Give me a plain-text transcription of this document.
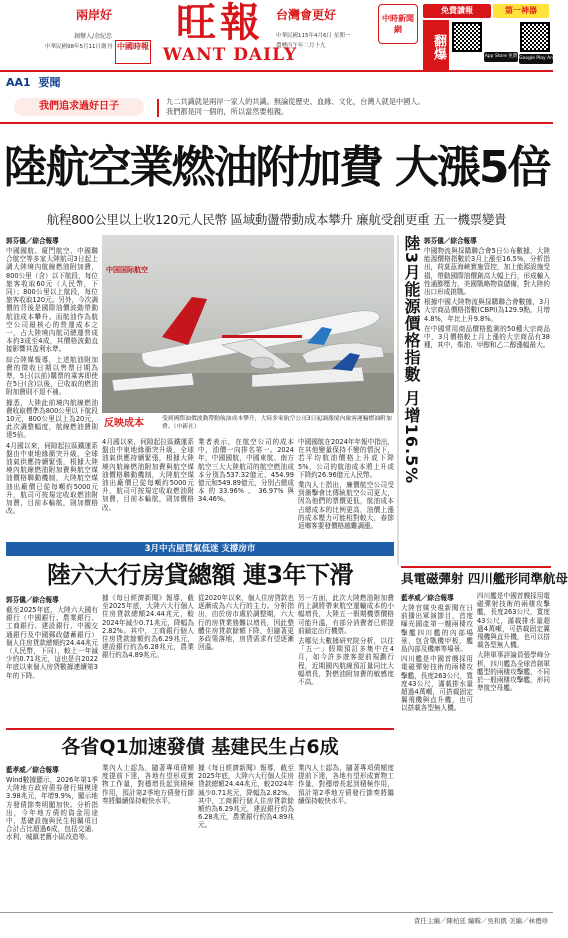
兩岸好
創辦人/余紀忠
中華民國98年5月11日創刊 中國時報
旺報
WANT DAILY
台灣會更好
中華民國115年4月6日 星期一
農曆丙午年二月十九
中時新聞網
免費讀報	第一神器
翻爆	App Store 免費 Google Play Android
AA1 要聞
我們追求過好日子	九二共識就是兩岸一家人的共識。無論從歷史、血緣、文化，台灣人就是中國人。
我們都是同一個的，所以當然要相親。
陸航空業燃油附加費 大漲5倍
航程800公里以上收120元人民幣 區域動盪帶動成本攀升 廉航受創更重 五一機票變貴
郭芬儀／綜合報導

中國國航、廈門航空、中國聯合航空等多家大陸航司3日起上調大陸境內航線燃油附加費，800公里（含）以下航段，每位旅客收取60元（人民幣，下同）；800公里以上航段，每位旅客收取120元。另外，今次調價的背後是國際油價波動帶動航油成本攀升。而航油作為航空公司最核心的營運成本之一，占大陸境內航司總運營成本約3成至4成，其價格波動直接影響其盈利水準。

綜合陸媒報導，上述航油附加費的徵收日期以售票日期為準，5日(以前)購票的乘客即使在5日(含)以後，已收取的燃油附加費則不退不補。

據悉，大陸此前境內航線燃油費收取標準為800公里以下航段10元，800公里以上為20元，此次調整幅度，航線燃油費則達5倍。

4月國以來，伺隙起拉區鐵運系盤由中東地緣衝突升級，全球油氣供應持續緊張，根據大陸境內航線燃油附加費與航空煤油價格聯動機制，大陸航空煤油出廠價已從每噸約5000元升，航司可按規定收取燃油附加費，目前本輪航，則加價格改。

中国国际航空
反映成本	受到國際油價波動帶動航油成本攀升，大陸多家航空公司3日起調漲境內旅客運輸燃油附加費。（中新社）

4月國以來，伺隙起拉區鐵運系盤由中東地緣衝突升級，全球油氣供應持續緊張，根據大陸境內航線燃油附加費與航空煤油價格聯動機制，大陸航空煤油出廠價已從每噸約5000元升，航司可按規定收取燃油附加費，目前本輪航，則加價格改。

業者表示，在航空公司的成本中，油價一向排名第一。2024年，中國國航，中國東航、南方航空三大大陸航司的航空燃油成本分別為537.32億元、454.99億元和549.89億元，分別占總成本的33.96%、36.97%與34.46%。

中國國航在2024年年報中指出，在其他變量保持不變的情況下，若平均航油價格上升或下降5%，公司的航油成本將上升或下降約26.96億元人民幣。

業內人士指出，廉價航空公司受到衝擊會比傳統航空公司更大，因為他們的票價更低，航油成本占總成本的比例更高，油價上漲的成本壓力可能相對較大，春節返鄉客要發價格越難調漲。

陸3月能源價格指數 月增16.5% 郭芬儀／綜合報導

中國物流與採購聯合會5日公布數據，大陸能源價格指數於3月上漲至16.5%，分析指出，荷莫茲海峽實施管控，加上能源設施受損，帶動國際油價創高大幅上行，形成輸入性通膨壓力，美國戰略物資儲備，對大陸的出口形成挑戰。

根據中國大陸物流與採購聯合會數據，3月大宗商品價格指數(CBPI)為129.9點，月增4.8%，年比上升9.8%。

在中國常用商品價格監測的50種大宗商品中，3月價格較上月上漲的大宗商品有38種，其中，柴油、甲醇和乙二醇漲幅最大。

3月中古屋買氣低迷 支撐房市
陸六大行房貸總額 連3年下滑
郭芬儀／綜合報導

截至2025年底，大陸六大國有銀行（中國銀行、農業銀行、工商銀行、建設銀行、中國交通銀行及中國郵政儲蓄銀行）個人住房貸款總額約24.44兆元（人民幣，下同），較上一年減少約0.71兆元，這也是自2022年底以來個人房貸數據連續第3年的下降。

據《每日經濟新聞》報導，截至2025年底，大陸六大行個人住房貸款總額24.44兆元，較2024年減少0.71兆元，降幅為2.82%。其中，工商銀行個人住房貸款餘額約為6.29兆元，建設銀行約為6.28兆元，農業銀行約為4.89兆元。

從2020年以來，個人住房貸款也逐漸成為六大行的主力。分析指出，由於房市處於調整期，六大行的房貸業務難以增長，因此整體住房貸款餘額下降，但隨著更多政策落地，房貸需求有望逐漸回溫。

另一方面，此次大陸燃油附加費的上調將帶來航空運輸成本的小幅增長，大陸五一假期機票價格可能升溫，有部分消費者已經提前鎖定出行機票。

去哪兒大數據研究院分析，以往「五一」假期預訂多集中在4月，如今許多遊客提前規劃行程，近期國內航線預訂量同比大幅增長，對燃油附加費的敏感度不高。

具電磁彈射 四川艦形同準航母
藍孝威／綜合報導

大陸官媒央視新聞在日前播出軍演節目，首度曝光國產第一艘兩棲攻擊艦四川艦的內部場景，包含戰機甲板，艦島內部及機庫等場景。

四川艦是中國首艘採用電磁彈射技術的兩棲攻擊艦，長度263公尺，寬度43公尺，滿載排水量超過4萬噸，可搭載固定翼飛機與直升機，也可以搭載各型無人機。

四川艦是中國首艘採用電磁彈射技術的兩棲攻擊艦，長度263公尺，寬度43公尺，滿載排水量超過4萬噸，可搭載固定翼飛機與直升機，也可以搭載各型無人機。

大陸軍事評論員張學峰分析，四川艦為全球首創軍艦型的兩棲攻擊艦，不同於一般兩棲攻擊艦，形同準航空母艦。

各省Q1加速發債 基建民生占6成
藍孝威／綜合報導

Wind數據顯示，2026年第1季大陸地方政府債券發行規模達3.98兆元，年增9.9%，顯示地方發債節奏明顯加快。分析指出，今年地方債的資金用途中，基礎設施與民生相關項目合計占比超過6成，包括交通、水利、城鎮老舊小區改造等。

業內人士認為，隨著專項債額度提前下達，各地有望形成實物工作量，對穩增長起到積極作用，預計第2季地方債發行節奏將繼續保持較快水平。

據《每日經濟新聞》報導，截至2025年底，大陸六大行個人住房貸款總額24.44兆元，較2024年減少0.71兆元，降幅為2.82%。其中，工商銀行個人住房貸款餘額約為6.29兆元，建設銀行約為6.28兆元，農業銀行約為4.89兆元。

業內人士認為，隨著專項債額度提前下達，各地有望形成實物工作量，對穩增長起到積極作用，預計第2季地方債發行節奏將繼續保持較快水平。

責任主編／陳柏廷 編輯／吳和凱 美編／林禮珍
